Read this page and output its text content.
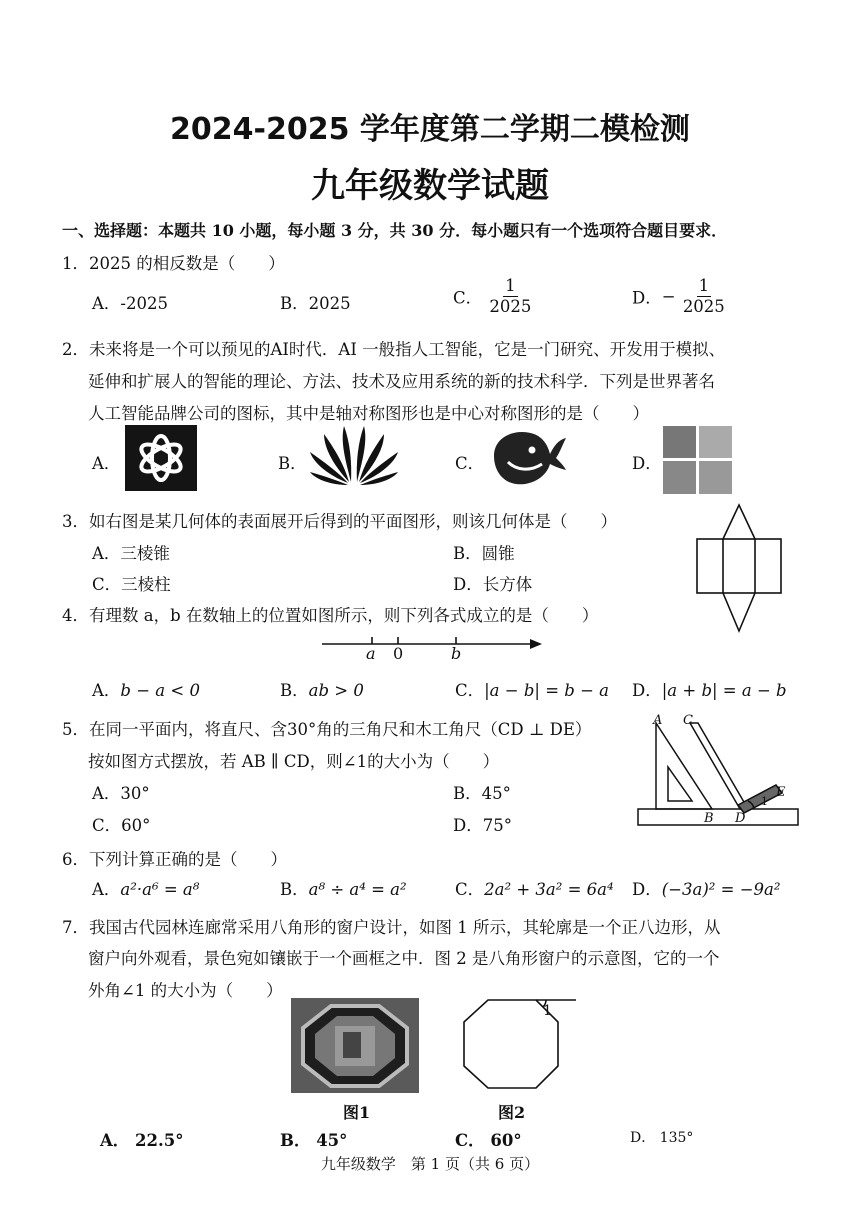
2024-2025 学年度第二学期二模检测
九年级数学试题
一、选择题：本题共 10 小题，每小题 3 分，共 30 分．每小题只有一个选项符合题目要求．
1．2025 的相反数是（　　）
A．-2025	B．2025	C． $\frac{1}{2025}$	D．− $\frac{1}{2025}$
2．未来将是一个可以预见的AI时代．AI 一般指人工智能，它是一门研究、开发用于模拟、
延伸和扩展人的智能的理论、方法、技术及应用系统的新的技术科学．下列是世界著名
人工智能品牌公司的图标，其中是轴对称图形也是中心对称图形的是（　　）
A．	B．	C．	D．
3．如右图是某几何体的表面展开后得到的平面图形，则该几何体是（　　）
A．三棱锥	B．圆锥
C．三棱柱	D．长方体
4．有理数 a，b 在数轴上的位置如图所示，则下列各式成立的是（　　）
a 0	b
A．b − a < 0	B．ab > 0	C．|a − b| = b − a D．|a + b| = a − b
5．在同一平面内，将直尺、含30°角的三角尺和木工角尺（CD ⊥ DE）
按如图方式摆放，若 AB ∥ CD，则∠1的大小为（　　）
A．30°	B．45°
C．60°	D．75°
A C
E
B D
1
6．下列计算正确的是（　　）
A．a²·a⁶ = a⁸	B．a⁸ ÷ a⁴ = a²	C．2a² + 3a² = 6a⁴ D．(−3a)² = −9a²
7．我国古代园林连廊常采用八角形的窗户设计，如图 1 所示，其轮廓是一个正八边形，从
窗户向外观看，景色宛如镶嵌于一个画框之中．图 2 是八角形窗户的示意图，它的一个
外角∠1 的大小为（　　）
图1
1
图2
A． 22.5°	B． 45°	C． 60°	D． 135°
九年级数学　第 1 页（共 6 页）
